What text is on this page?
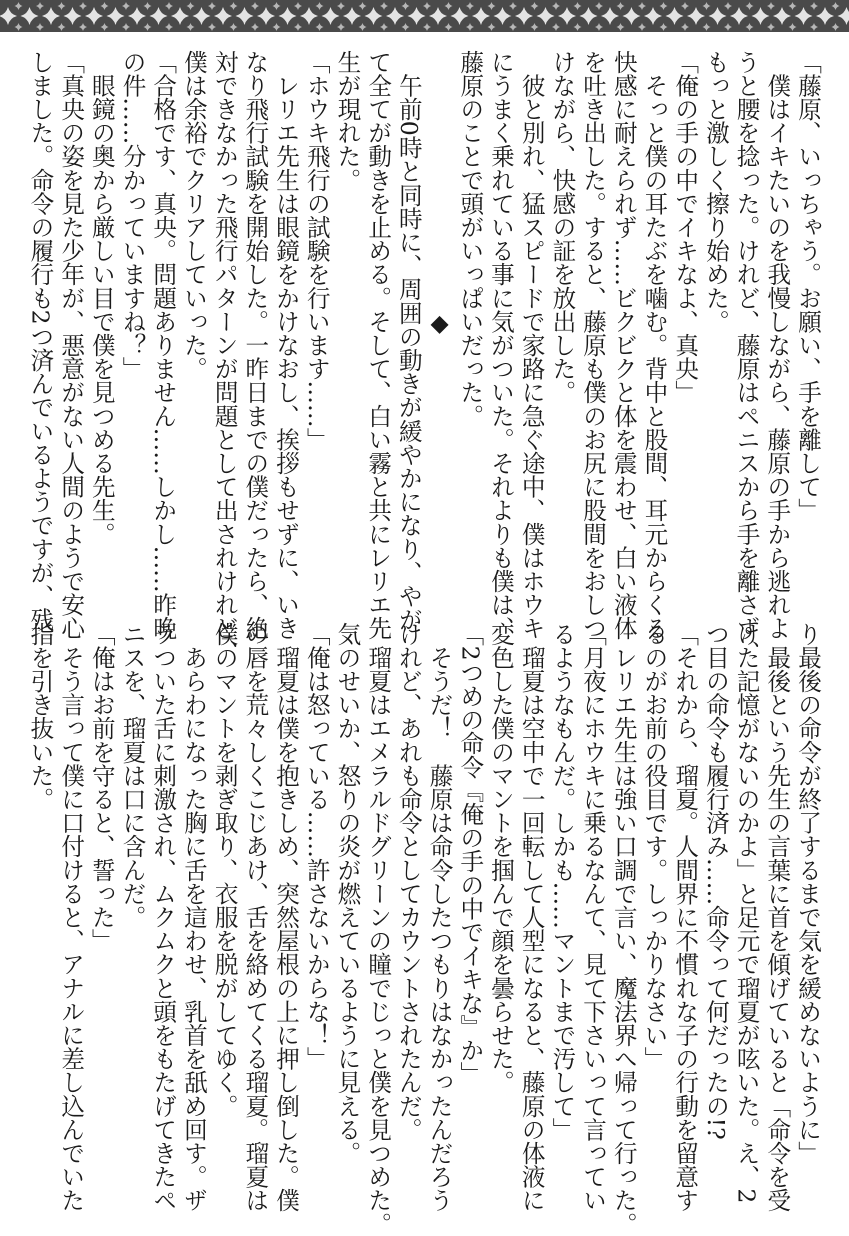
「藤原、いっちゃう。お願い、手を離して」
　僕はイキたいのを我慢しながら、藤原の手から逃れよ
うと腰を捻った。けれど、藤原はペニスから手を離さず、
もっと激しく擦り始めた。
「俺の手の中でイキなよ、真央」
　そっと僕の耳たぶを噛む。背中と股間、耳元からくる
快感に耐えられず……ビクビクと体を震わせ、白い液体
を吐き出した。すると、藤原も僕のお尻に股間をおしつ
けながら、快感の証を放出した。
　彼と別れ、猛スピードで家路に急ぐ途中、僕はホウキ
にうまく乗れている事に気がついた。それよりも僕は、
藤原のことで頭がいっぱいだった。
◆
　午前0時と同時に、周囲の動きが緩やかになり、やが
て全てが動きを止める。そして、白い霧と共にレリエ先
生が現れた。
「ホウキ飛行の試験を行います……」
　レリエ先生は眼鏡をかけなおし、挨拶もせずに、いき
なり飛行試験を開始した。一昨日までの僕だったら、絶
対できなかった飛行パターンが問題として出されけれど、
僕は余裕でクリアしていった。
「合格です、真央。問題ありません……しかし……昨晩
の件……分かっていますね？」
　眼鏡の奥から厳しい目で僕を見つめる先生。
「真央の姿を見た少年が、悪意がない人間のようで安心
しました。命令の履行も2つ済んでいるようですが、残
り最後の命令が終了するまで気を緩めないように」
　最後という先生の言葉に首を傾げていると「命令を受
けた記憶がないのかよ」と足元で瑠夏が呟いた。え、2
つ目の命令も履行済み……命令って何だったの!?
「それから、瑠夏。人間界に不慣れな子の行動を留意す
るのがお前の役目です。しっかりなさい」
　レリエ先生は強い口調で言い、魔法界へ帰って行った。
「月夜にホウキに乗るなんて、見て下さいって言ってい
るようなもんだ。しかも……マントまで汚して」
　瑠夏は空中で一回転して人型になると、藤原の体液に
変色した僕のマントを掴んで顔を曇らせた。
「2つめの命令『俺の手の中でイキな』か」
　そうだ！　藤原は命令したつもりはなかったんだろう
けれど、あれも命令としてカウントされたんだ。
　瑠夏はエメラルドグリーンの瞳でじっと僕を見つめた。
気のせいか、怒りの炎が燃えているように見える。
「俺は怒っている……許さないからな！」
　瑠夏は僕を抱きしめ、突然屋根の上に押し倒した。僕
の唇を荒々しくこじあけ、舌を絡めてくる瑠夏。瑠夏は
僕のマントを剥ぎ取り、衣服を脱がしてゆく。
　あらわになった胸に舌を這わせ、乳首を舐め回す。ザ
ラついた舌に刺激され、ムクムクと頭をもたげてきたペ
ニスを、瑠夏は口に含んだ。
「俺はお前を守ると、誓った」
　そう言って僕に口付けると、アナルに差し込んでいた
指を引き抜いた。
